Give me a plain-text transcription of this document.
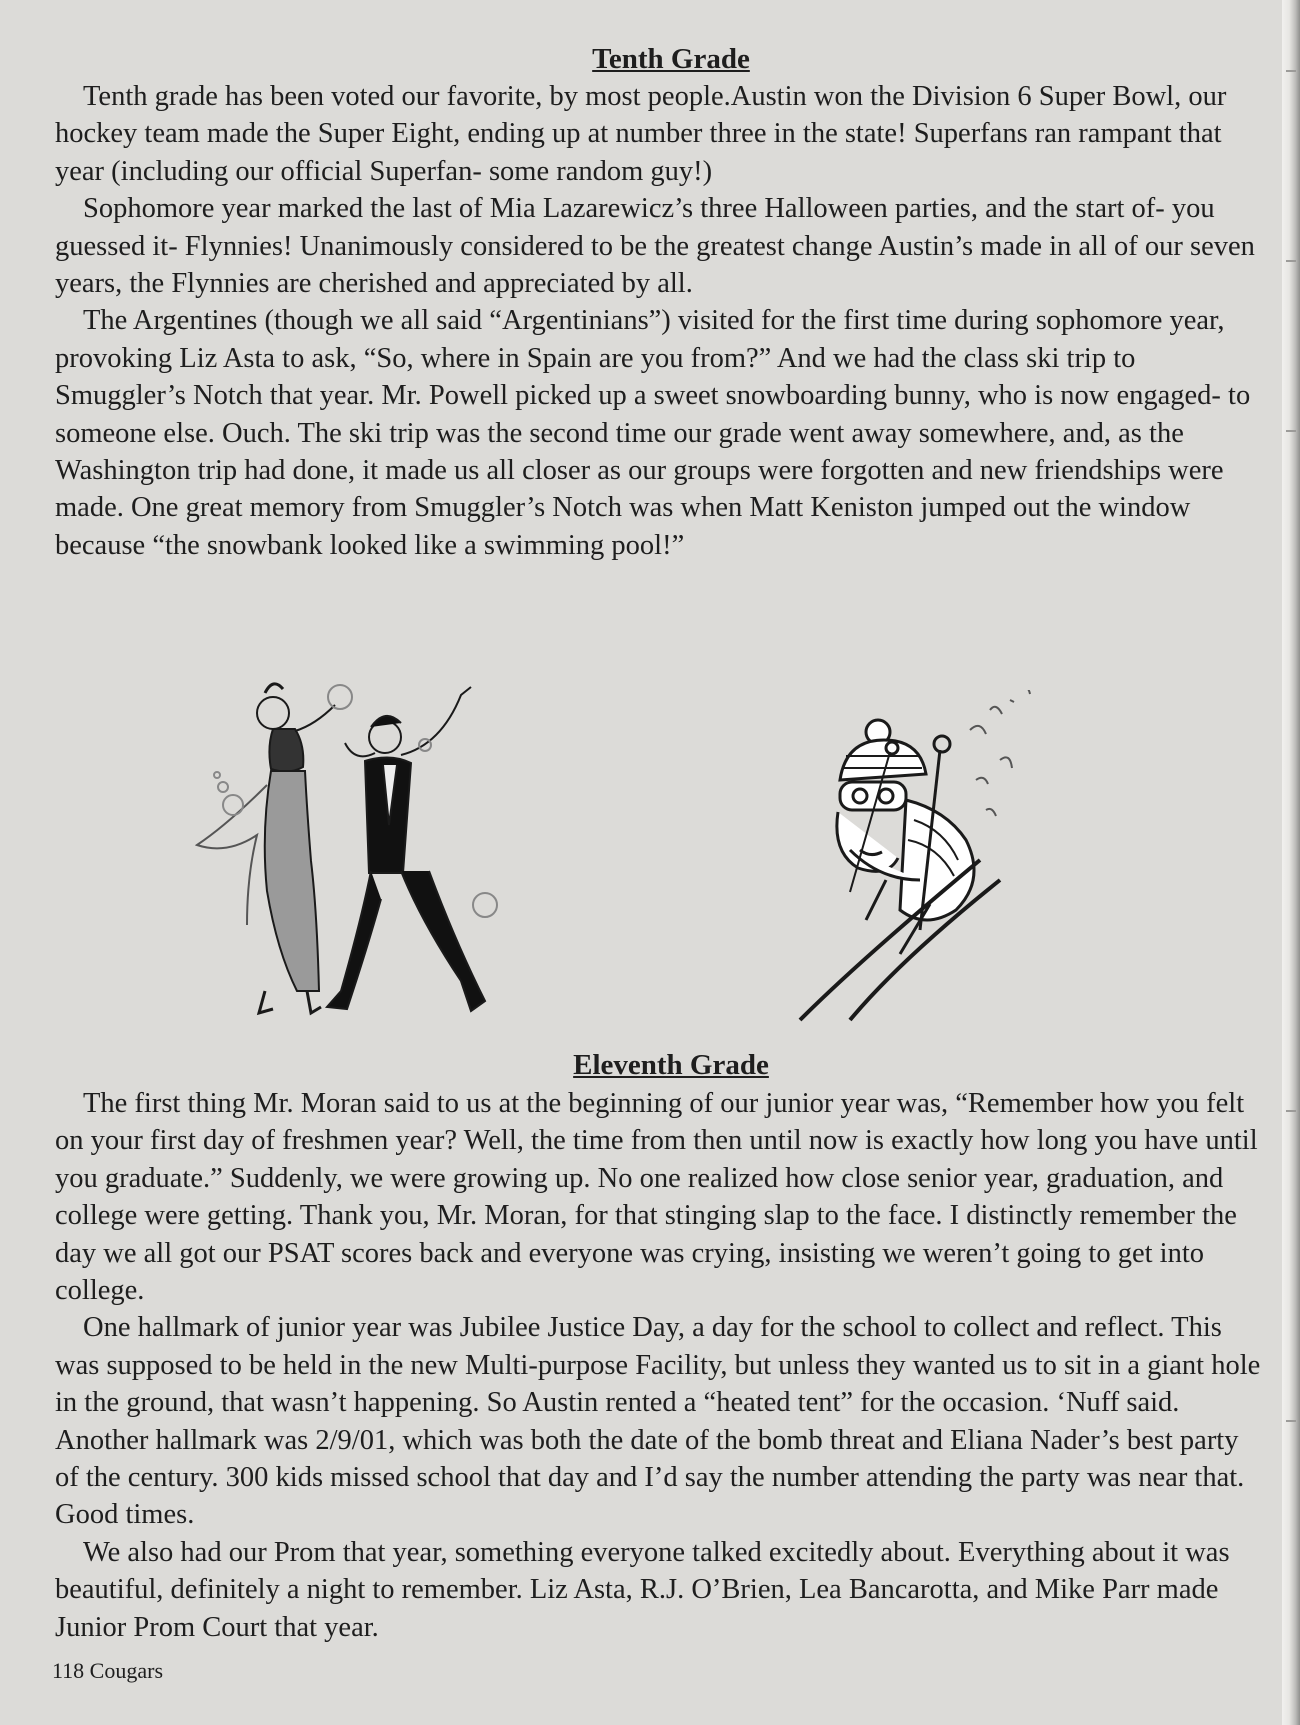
Tenth Grade

Tenth grade has been voted our favorite, by most people.Austin won the Division 6 Super Bowl, our hockey team made the Super Eight, ending up at number three in the state! Superfans ran rampant that year (including our official Superfan- some random guy!)

Sophomore year marked the last of Mia Lazarewicz’s three Halloween parties, and the start of- you guessed it- Flynnies! Unanimously considered to be the greatest change Austin’s made in all of our seven years, the Flynnies are cherished and appreciated by all.

The Argentines (though we all said “Argentinians”) visited for the first time during sophomore year, provoking Liz Asta to ask, “So, where in Spain are you from?” And we had the class ski trip to Smuggler’s Notch that year. Mr. Powell picked up a sweet snowboarding bunny, who is now engaged- to someone else. Ouch. The ski trip was the second time our grade went away somewhere, and, as the Washington trip had done, it made us all closer as our groups were forgotten and new friendships were made. One great memory from Smuggler’s Notch was when Matt Keniston jumped out the window because “the snowbank looked like a swimming pool!”

Eleventh Grade

The first thing Mr. Moran said to us at the beginning of our junior year was, “Remember how you felt on your first day of freshmen year? Well, the time from then until now is exactly how long you have until you graduate.” Suddenly, we were growing up. No one realized how close senior year, graduation, and college were getting. Thank you, Mr. Moran, for that stinging slap to the face. I distinctly remember the day we all got our PSAT scores back and everyone was crying, insisting we weren’t going to get into college.

One hallmark of junior year was Jubilee Justice Day, a day for the school to collect and reflect. This was supposed to be held in the new Multi-purpose Facility, but unless they wanted us to sit in a giant hole in the ground, that wasn’t happening. So Austin rented a “heated tent” for the occasion. ‘Nuff said. Another hallmark was 2/9/01, which was both the date of the bomb threat and Eliana Nader’s best party of the century. 300 kids missed school that day and I’d say the number attending the party was near that. Good times.

We also had our Prom that year, something everyone talked excitedly about. Everything about it was beautiful, definitely a night to remember. Liz Asta, R.J. O’Brien, Lea Bancarotta, and Mike Parr made Junior Prom Court that year.

118 Cougars
